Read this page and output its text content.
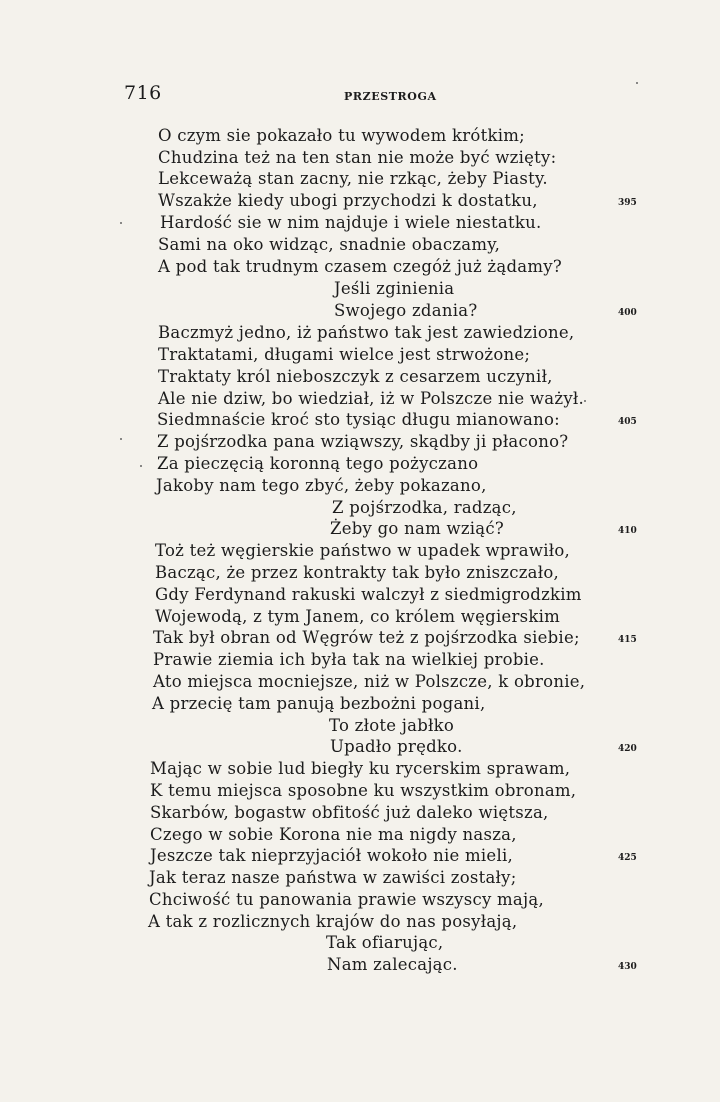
716	PRZESTROGA
O czym sie pokazało tu wywodem krótkim;
Chudzina też na ten stan nie może być wzięty:
Lekceważą stan zacny, nie rzkąc, żeby Piasty.
Wszakże kiedy ubogi przychodzi k dostatku,	395
Hardość sie w nim najduje i wiele niestatku.
Sami na oko widząc, snadnie obaczamy,
A pod tak trudnym czasem czegóż już żądamy?
Jeśli zginienia
Swojego zdania?	400
Baczmyż jedno, iż państwo tak jest zawiedzione,
Traktatami, długami wielce jest strwożone;
Traktaty król nieboszczyk z cesarzem uczynił,
Ale nie dziw, bo wiedział, iż w Polszcze nie ważył.
Siedmnaście kroć sto tysiąc długu mianowano:	405
Z pojśrzodka pana wziąwszy, skądby ji płacono?
Za pieczęcią koronną tego pożyczano
Jakoby nam tego zbyć, żeby pokazano,
Z pojśrzodka, radząc,
Żeby go nam wziąć?	410
Toż też węgierskie państwo w upadek wprawiło,
Bacząc, że przez kontrakty tak było zniszczało,
Gdy Ferdynand rakuski walczył z siedmigrodzkim
Wojewodą, z tym Janem, co królem węgierskim
Tak był obran od Węgrów też z pojśrzodka siebie;	415
Prawie ziemia ich była tak na wielkiej probie.
Ato miejsca mocniejsze, niż w Polszcze, k obronie,
A przecię tam panują bezbożni pogani,
To złote jabłko
Upadło prędko.	420
Mając w sobie lud biegły ku rycerskim sprawam,
K temu miejsca sposobne ku wszystkim obronam,
Skarbów, bogastw obfitość już daleko więtsza,
Czego w sobie Korona nie ma nigdy nasza,
Jeszcze tak nieprzyjaciół wokoło nie mieli,	425
Jak teraz nasze państwa w zawiści zostały;
Chciwość tu panowania prawie wszyscy mają,
A tak z rozlicznych krajów do nas posyłają,
Tak ofiarując,
Nam zalecając.	430
